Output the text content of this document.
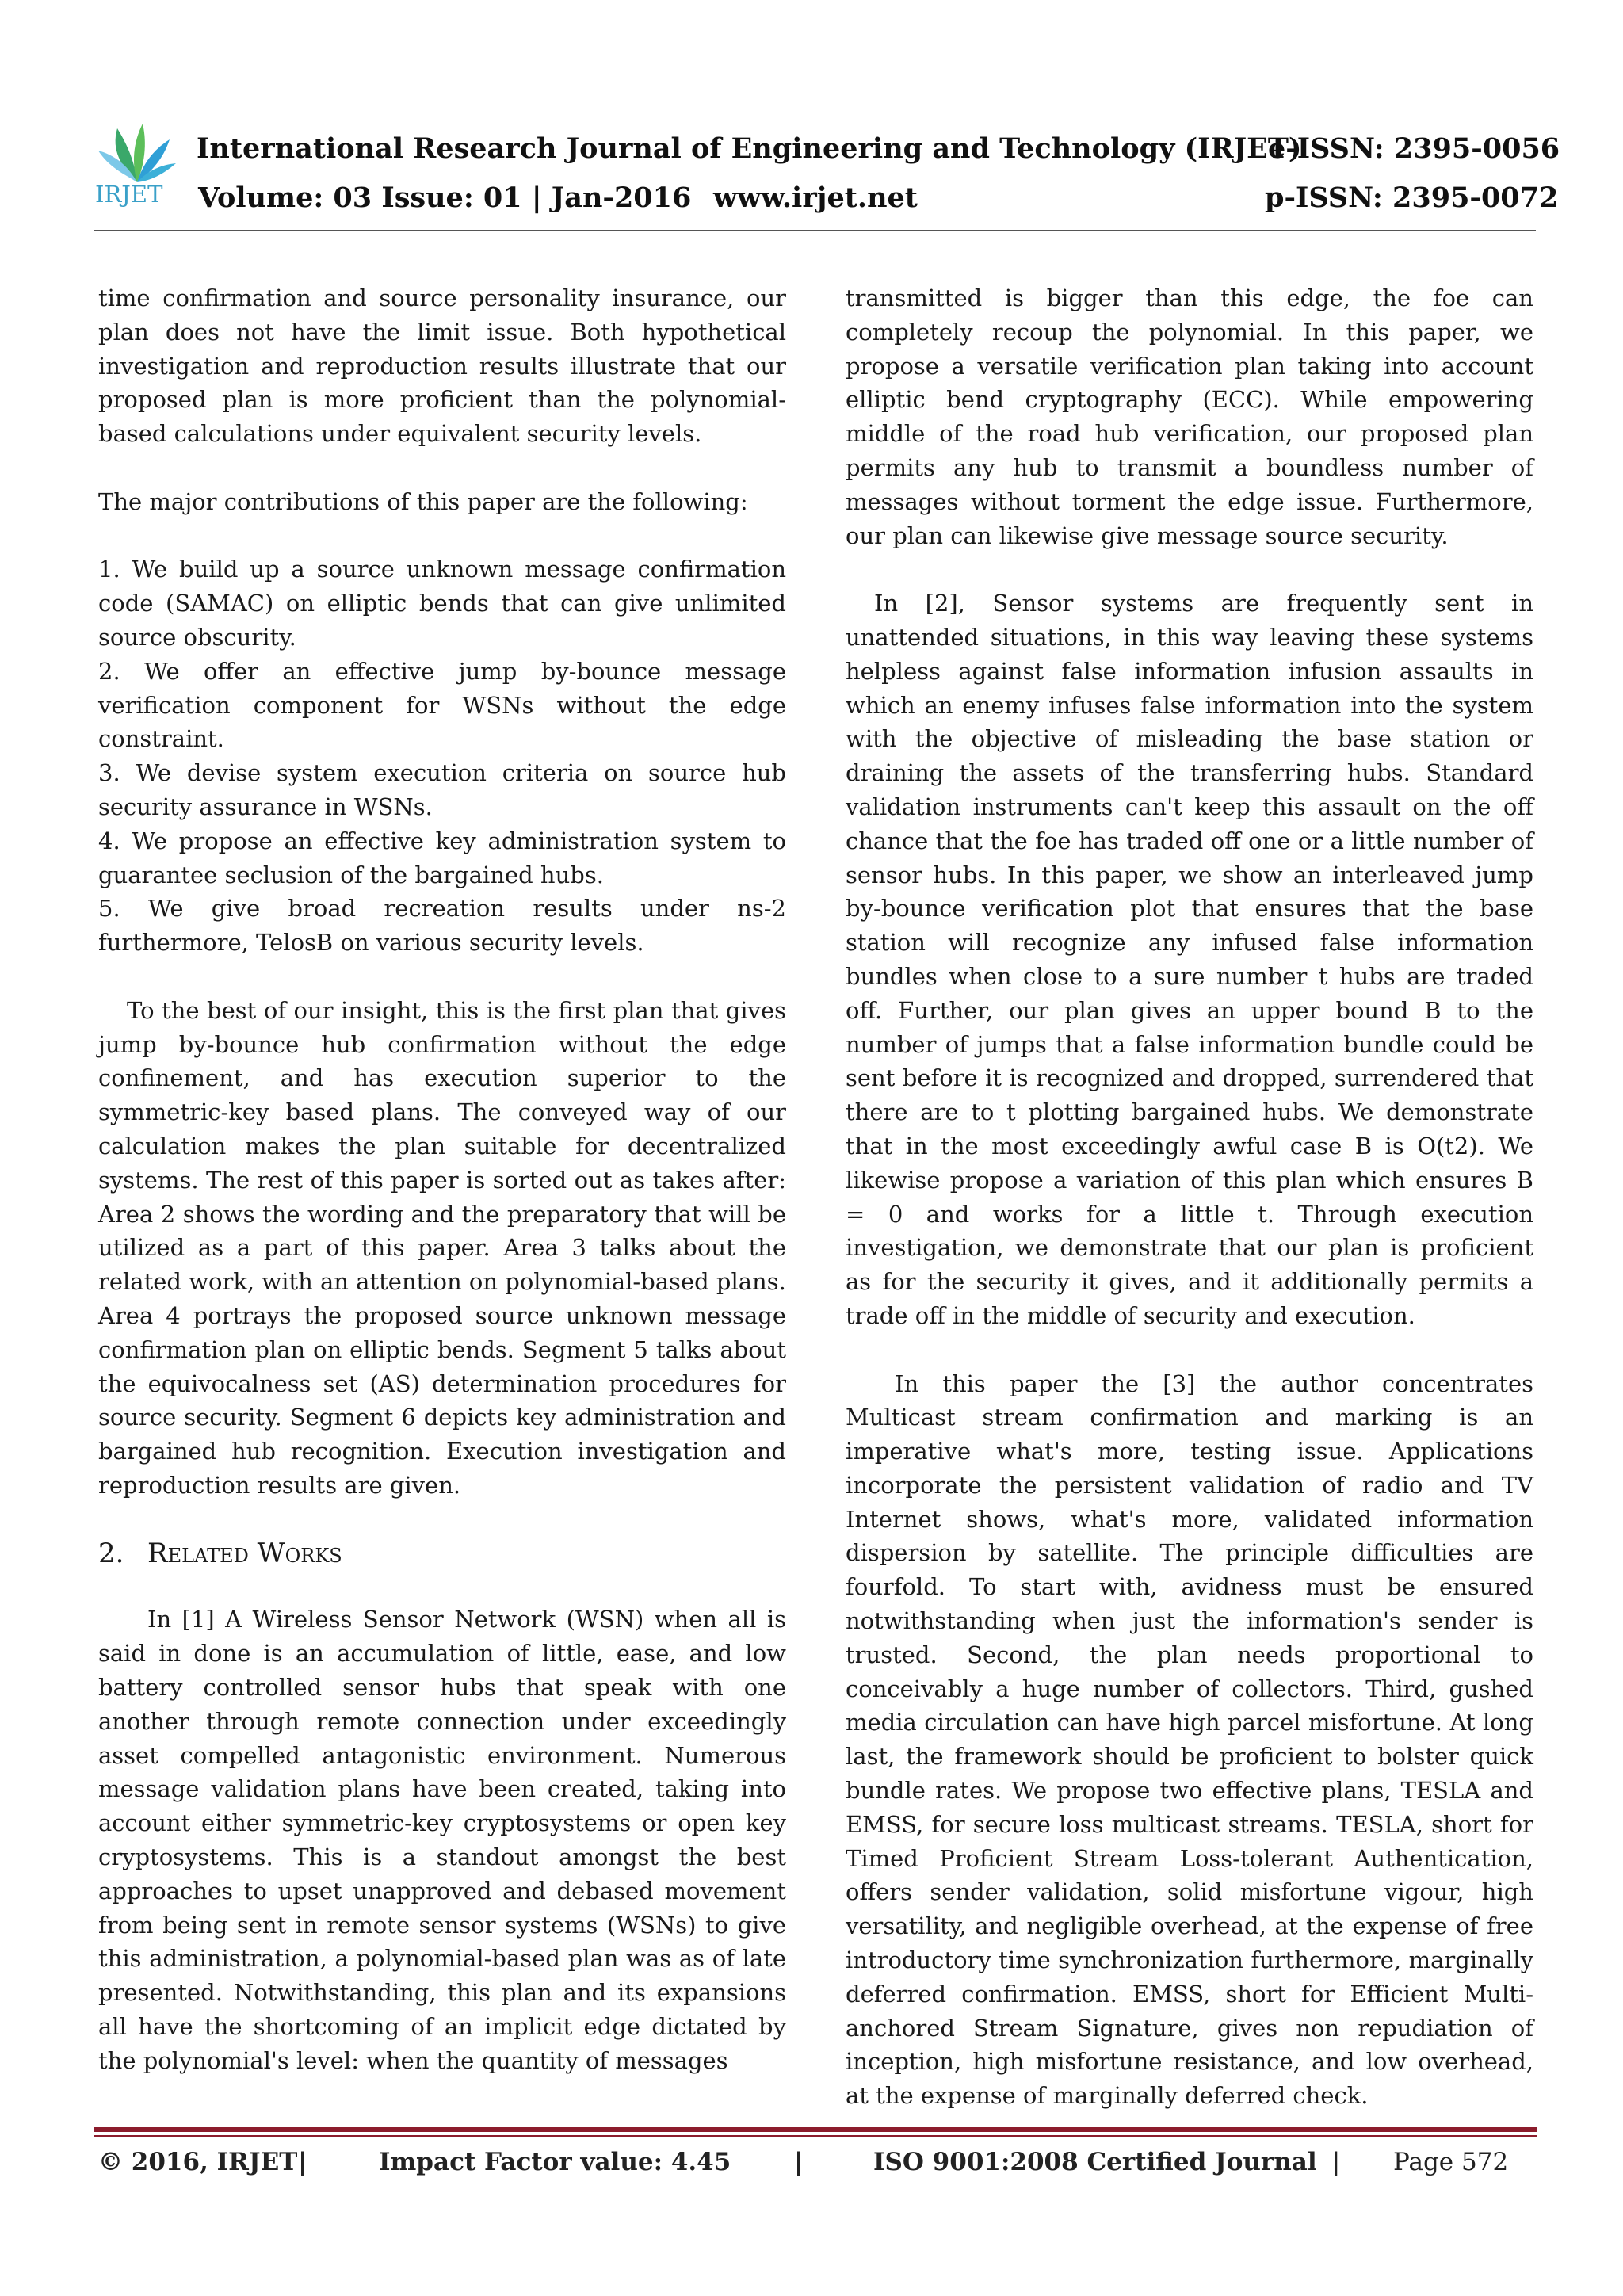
IRJET
International Research Journal of Engineering and Technology (IRJET)
e-ISSN: 2395-0056
Volume: 03 Issue: 01 | Jan-2016 www.irjet.net	p-ISSN: 2395-0072

time confirmation and source personality insurance, our plan does not have the limit issue. Both hypothetical investigation and reproduction results illustrate that our proposed plan is more proficient than the polynomial-based calculations under equivalent security levels.

The major contributions of this paper are the following:

1. We build up a source unknown message confirmation code (SAMAC) on elliptic bends that can give unlimited source obscurity.

2. We offer an effective jump by-bounce message verification component for WSNs without the edge constraint.

3. We devise system execution criteria on source hub security assurance in WSNs.

4. We propose an effective key administration system to guarantee seclusion of the bargained hubs.

5. We give broad recreation results under ns-2 furthermore, TelosB on various security levels.

To the best of our insight, this is the first plan that gives jump by-bounce hub confirmation without the edge confinement, and has execution superior to the symmetric-key based plans. The conveyed way of our calculation makes the plan suitable for decentralized systems. The rest of this paper is sorted out as takes after: Area 2 shows the wording and the preparatory that will be utilized as a part of this paper. Area 3 talks about the related work, with an attention on polynomial-based plans.

Area 4 portrays the proposed source unknown message confirmation plan on elliptic bends. Segment 5 talks about the equivocalness set (AS) determination procedures for source security. Segment 6 depicts key administration and bargained hub recognition. Execution investigation and reproduction results are given.

2. Related Works

In [1] A Wireless Sensor Network (WSN) when all is said in done is an accumulation of little, ease, and low battery controlled sensor hubs that speak with one another through remote connection under exceedingly asset compelled antagonistic environment. Numerous message validation plans have been created, taking into account either symmetric-key cryptosystems or open key cryptosystems. This is a standout amongst the best approaches to upset unapproved and debased movement from being sent in remote sensor systems (WSNs) to give this administration, a polynomial-based plan was as of late presented. Notwithstanding, this plan and its expansions all have the shortcoming of an implicit edge dictated by the polynomial's level: when the quantity of messages

transmitted is bigger than this edge, the foe can completely recoup the polynomial. In this paper, we propose a versatile verification plan taking into account elliptic bend cryptography (ECC). While empowering middle of the road hub verification, our proposed plan permits any hub to transmit a boundless number of messages without torment the edge issue. Furthermore, our plan can likewise give message source security.

In [2], Sensor systems are frequently sent in unattended situations, in this way leaving these systems helpless against false information infusion assaults in which an enemy infuses false information into the system with the objective of misleading the base station or draining the assets of the transferring hubs. Standard validation instruments can't keep this assault on the off chance that the foe has traded off one or a little number of sensor hubs. In this paper, we show an interleaved jump by-bounce verification plot that ensures that the base station will recognize any infused false information bundles when close to a sure number t hubs are traded off. Further, our plan gives an upper bound B to the number of jumps that a false information bundle could be sent before it is recognized and dropped, surrendered that there are to t plotting bargained hubs. We demonstrate that in the most exceedingly awful case B is O(t2). We likewise propose a variation of this plan which ensures B = 0 and works for a little t. Through execution investigation, we demonstrate that our plan is proficient as for the security it gives, and it additionally permits a trade off in the middle of security and execution.

In this paper the [3] the author concentrates Multicast stream confirmation and marking is an imperative what's more, testing issue. Applications incorporate the persistent validation of radio and TV Internet shows, what's more, validated information dispersion by satellite. The principle difficulties are fourfold. To start with, avidness must be ensured notwithstanding when just the information's sender is trusted. Second, the plan needs proportional to conceivably a huge number of collectors. Third, gushed media circulation can have high parcel misfortune. At long last, the framework should be proficient to bolster quick bundle rates. We propose two effective plans, TESLA and EMSS, for secure loss multicast streams. TESLA, short for Timed Proficient Stream Loss-tolerant Authentication, offers sender validation, solid misfortune vigour, high versatility, and negligible overhead, at the expense of free introductory time synchronization furthermore, marginally deferred confirmation. EMSS, short for Efficient Multi-anchored Stream Signature, gives non repudiation of inception, high misfortune resistance, and low overhead, at the expense of marginally deferred check.

© 2016, IRJET |	Impact Factor value: 4.45	|	ISO 9001:2008 Certified Journal | Page 572
